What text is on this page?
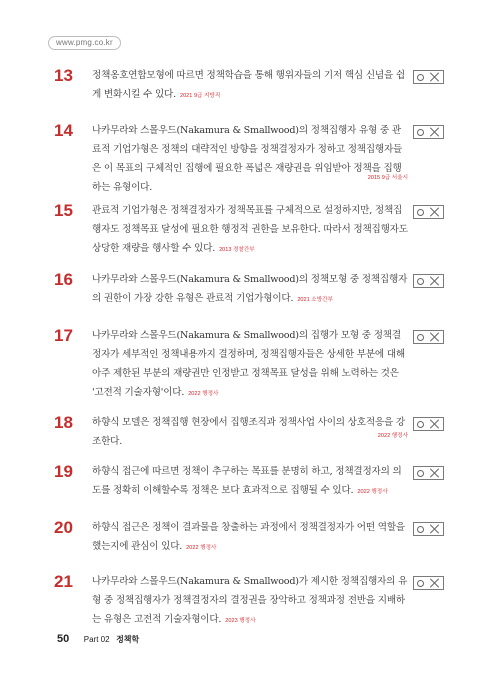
www.pmg.co.kr
13 정책옹호연합모형에 따르면 정책학습을 통해 행위자들의 기저 핵심 신념을 쉽게 변화시킬 수 있다. 2021 9급 지방직
14 나카무라와 스몰우드(Nakamura & Smallwood)의 정책집행자 유형 중 관료적 기업가형은 정책의 대략적인 방향을 정책결정자가 정하고 정책집행자들은 이 목표의 구체적인 집행에 필요한 폭넓은 재량권을 위임받아 정책을 집행하는 유형이다.
2015 9급 서울시
15 관료적 기업가형은 정책결정자가 정책목표를 구체적으로 설정하지만, 정책집행자도 정책목표 달성에 필요한 행정적 권한을 보유한다. 따라서 정책집행자도 상당한 재량을 행사할 수 있다. 2013 경찰간부
16 나카무라와 스몰우드(Nakamura & Smallwood)의 정책모형 중 정책집행자의 권한이 가장 강한 유형은 관료적 기업가형이다. 2021 소방간부
17 나카무라와 스몰우드(Nakamura & Smallwood)의 집행가 모형 중 정책결정자가 세부적인 정책내용까지 결정하며, 정책집행자들은 상세한 부분에 대해 아주 제한된 부분의 재량권만 인정받고 정책목표 달성을 위해 노력하는 것은 '고전적 기술자형'이다. 2022 행정사
18 하향식 모델은 정책집행 현장에서 집행조직과 정책사업 사이의 상호적응을 강조한다.	2022 행정사
19 하향식 접근에 따르면 정책이 추구하는 목표를 분명히 하고, 정책결정자의 의도를 정확히 이해할수록 정책은 보다 효과적으로 집행될 수 있다. 2022 행정사
20 하향식 접근은 정책이 결과물을 창출하는 과정에서 정책결정자가 어떤 역할을 했는지에 관심이 있다. 2022 행정사
21 나카무라와 스몰우드(Nakamura & Smallwood)가 제시한 정책집행자의 유형 중 정책집행자가 정책결정자의 결정권을 장악하고 정책과정 전반을 지배하는 유형은 고전적 기술자형이다. 2023 행정사
50 Part 02 정책학
